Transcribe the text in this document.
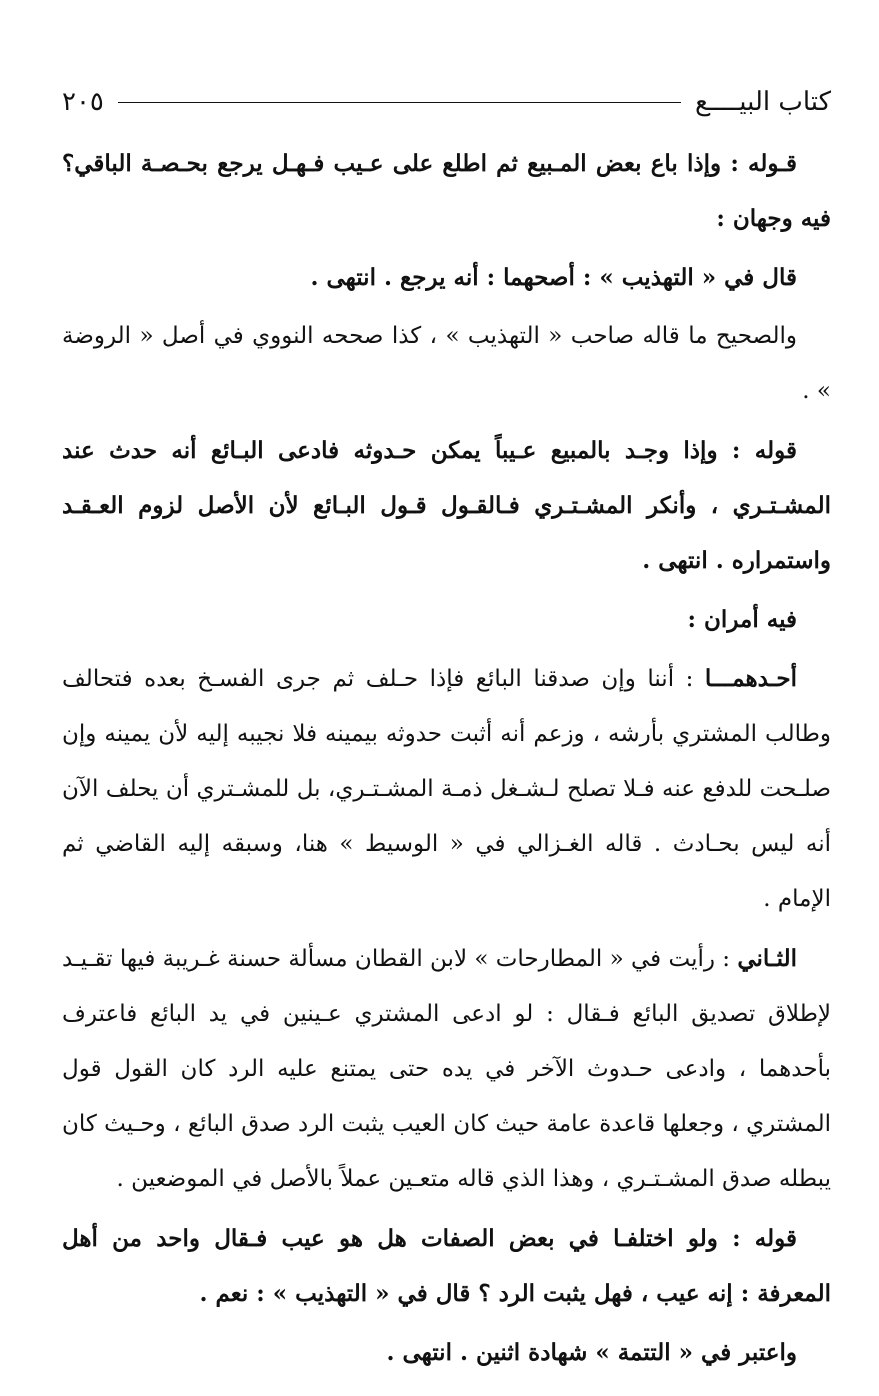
كتاب البيــــع
٢٠٥

قـوله : وإذا باع بعض المـبيع ثم اطلع على عـيب فـهـل يرجع بحـصـة الباقي؟ فيه وجهان :

قال في « التهذيب » : أصحهما : أنه يرجع . انتهى .

والصحيح ما قاله صاحب « التهذيب » ، كذا صححه النووي في أصل « الروضة » .

قوله : وإذا وجـد بالمبيع عـيباً يمكن حـدوثه فادعى البـائع أنه حدث عند المشـتـري ، وأنكر المشـتـري فـالقـول قـول البـائع لأن الأصل لزوم العـقـد واستمراره . انتهى .

فيه أمران :

أحـدهمـــا : أننا وإن صدقنا البائع فإذا حـلف ثم جرى الفسـخ بعده فتحالف وطالب المشتري بأرشه ، وزعم أنه أثبت حدوثه بيمينه فلا نجيبه إليه لأن يمينه وإن صلـحت للدفع عنه فـلا تصلح لـشـغل ذمـة المشـتـري، بل للمشـتري أن يحلف الآن أنه ليس بحـادث . قاله الغـزالي في « الوسيط » هنا، وسبقه إليه القاضي ثم الإمام .

الثـاني : رأيت في « المطارحات » لابن القطان مسألة حسنة غـريبة فيها تقـيـد لإطلاق تصديق البائع فـقال : لو ادعى المشتري عـينين في يد البائع فاعترف بأحدهما ، وادعى حـدوث الآخر في يده حتى يمتنع عليه الرد كان القول قول المشتري ، وجعلها قاعدة عامة حيث كان العيب يثبت الرد صدق البائع ، وحـيث كان يبطله صدق المشـتـري ، وهذا الذي قاله متعـين عملاً بالأصل في الموضعين .

قوله : ولو اختلفـا في بعض الصفات هل هو عيب فـقال واحد من أهل المعرفة : إنه عيب ، فهل يثبت الرد ؟ قال في « التهذيب » : نعم .

واعتبر في « التتمة » شهادة اثنين . انتهى .
